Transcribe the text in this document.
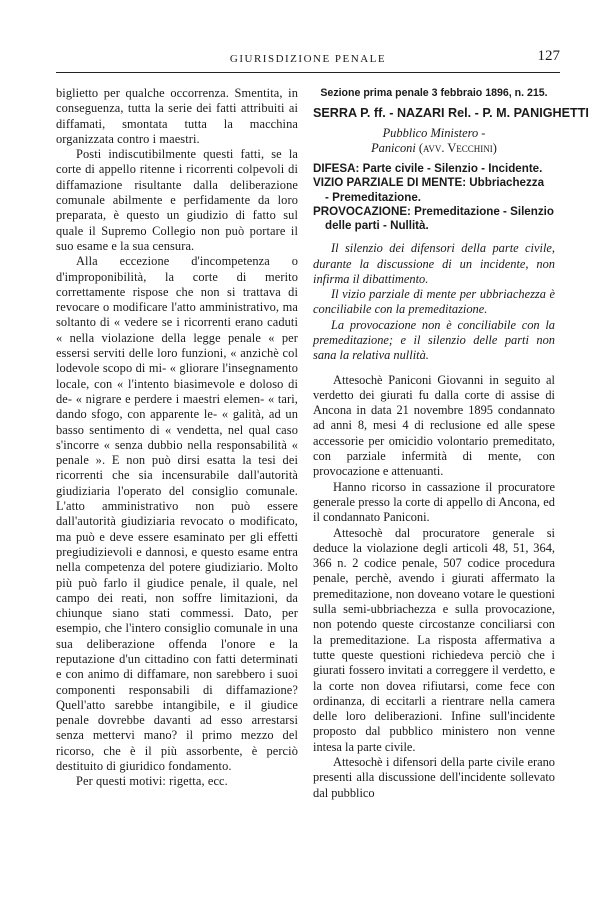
GIURISDIZIONE PENALE	127

biglietto per qualche occorrenza. Smentita, in conseguenza, tutta la serie dei fatti attribuiti ai diffamati, smontata tutta la macchina organizzata contro i maestri.

Posti indiscutibilmente questi fatti, se la corte di appello ritenne i ricorrenti colpevoli di diffamazione risultante dalla deliberazione comunale abilmente e perfidamente da loro preparata, è questo un giudizio di fatto sul quale il Supremo Collegio non può portare il suo esame e la sua censura.

Alla eccezione d'incompetenza o d'improponibilità, la corte di merito correttamente rispose che non si trattava di revocare o modificare l'atto amministrativo, ma soltanto di « vedere se i ricorrenti erano caduti « nella violazione della legge penale « per essersi serviti delle loro funzioni, « anzichè col lodevole scopo di mi- « gliorare l'insegnamento locale, con « l'intento biasimevole e doloso di de- « nigrare e perdere i maestri elemen- « tari, dando sfogo, con apparente le- « galità, ad un basso sentimento di « vendetta, nel qual caso s'incorre « senza dubbio nella responsabilità « penale ». E non può dirsi esatta la tesi dei ricorrenti che sia incensurabile dall'autorità giudiziaria l'operato del consiglio comunale. L'atto amministrativo non può essere dall'autorità giudiziaria revocato o modificato, ma può e deve essere esaminato per gli effetti pregiudizievoli e dannosi, e questo esame entra nella competenza del potere giudiziario. Molto più può farlo il giudice penale, il quale, nel campo dei reati, non soffre limitazioni, da chiunque siano stati commessi. Dato, per esempio, che l'intero consiglio comunale in una sua deliberazione offenda l'onore e la reputazione d'un cittadino con fatti determinati e con animo di diffamare, non sarebbero i suoi componenti responsabili di diffamazione? Quell'atto sarebbe intangibile, e il giudice penale dovrebbe davanti ad esso arrestarsi senza mettervi mano? il primo mezzo del ricorso, che è il più assorbente, è perciò destituito di giuridico fondamento.

Per questi motivi: rigetta, ecc.

Sezione prima penale 3 febbraio 1896, n. 215.
SERRA P. ff. - NAZARI Rel. - P. M. PANIGHETTI
Pubblico Ministero -
Paniconi (avv. Vecchini)
DIFESA: Parte civile - Silenzio - Incidente.
VIZIO PARZIALE DI MENTE: Ubbriachezza
- Premeditazione.
PROVOCAZIONE: Premeditazione - Silenzio
delle parti - Nullità.

Il silenzio dei difensori della parte civile, durante la discussione di un incidente, non infirma il dibattimento.

Il vizio parziale di mente per ubbriachezza è conciliabile con la premeditazione.

La provocazione non è conciliabile con la premeditazione; e il silenzio delle parti non sana la relativa nullità.

Attesochè Paniconi Giovanni in seguito al verdetto dei giurati fu dalla corte di assise di Ancona in data 21 novembre 1895 condannato ad anni 8, mesi 4 di reclusione ed alle spese accessorie per omicidio volontario premeditato, con parziale infermità di mente, con provocazione e attenuanti.

Hanno ricorso in cassazione il procuratore generale presso la corte di appello di Ancona, ed il condannato Paniconi.

Attesochè dal procuratore generale si deduce la violazione degli articoli 48, 51, 364, 366 n. 2 codice penale, 507 codice procedura penale, perchè, avendo i giurati affermato la premeditazione, non doveano votare le questioni sulla semi-ubbriachezza e sulla provocazione, non potendo queste circostanze conciliarsi con la premeditazione. La risposta affermativa a tutte queste questioni richiedeva perciò che i giurati fossero invitati a correggere il verdetto, e la corte non dovea rifiutarsi, come fece con ordinanza, di eccitarli a rientrare nella camera delle loro deliberazioni. Infine sull'incidente proposto dal pubblico ministero non venne intesa la parte civile.

Attesochè i difensori della parte civile erano presenti alla discussione dell'incidente sollevato dal pubblico
